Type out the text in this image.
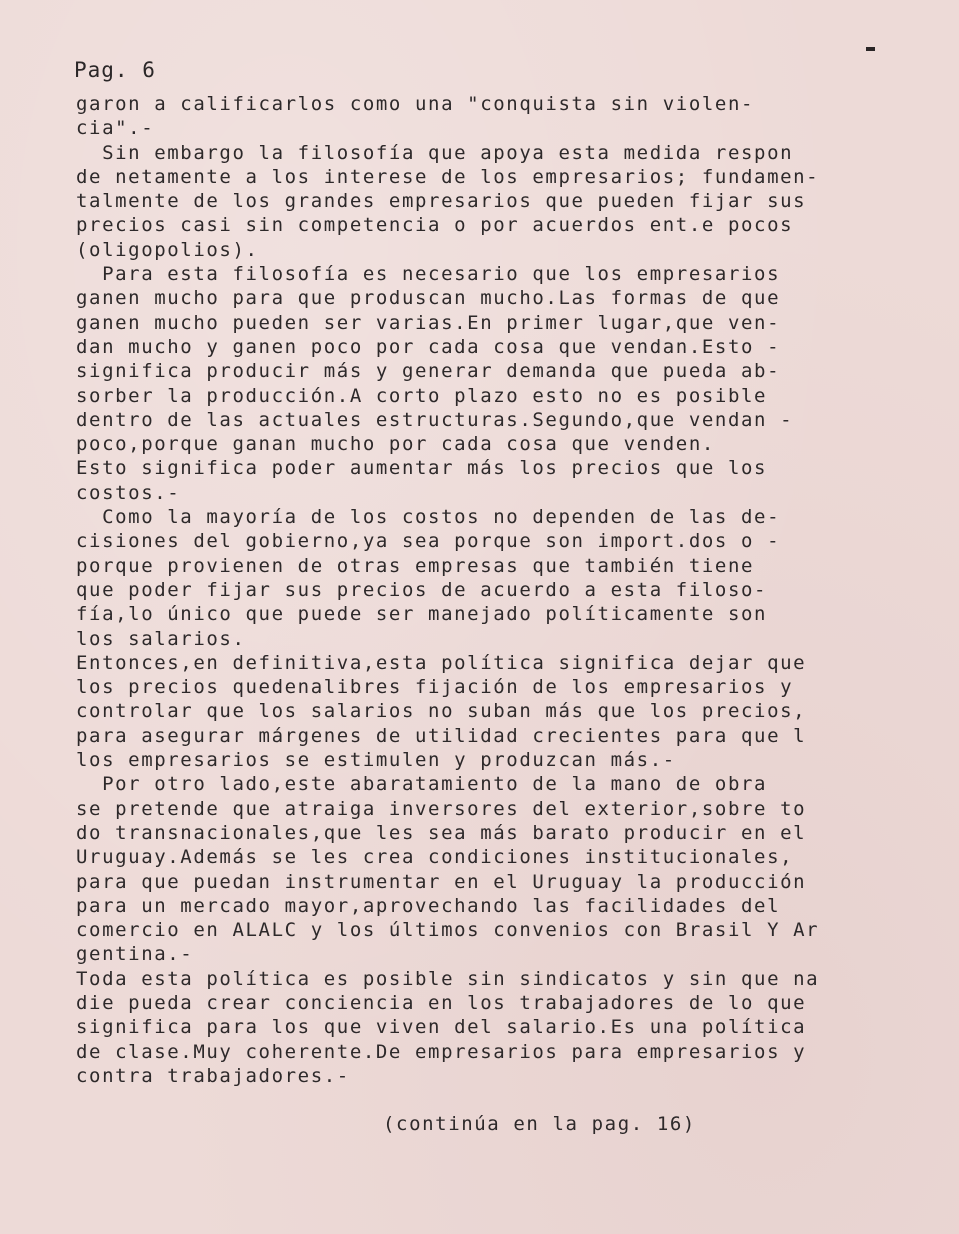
Pag. 6
garon a calificarlos como una "conquista sin violen-
cia".-
Sin embargo la filosofía que apoya esta medida respon
de netamente a los interese de los empresarios; fundamen-
talmente de los grandes empresarios que pueden fijar sus
precios casi sin competencia o por acuerdos ent.e pocos
(oligopolios).
Para esta filosofía es necesario que los empresarios
ganen mucho para que produscan mucho.Las formas de que
ganen mucho pueden ser varias.En primer lugar,que ven-
dan mucho y ganen poco por cada cosa que vendan.Esto -
significa producir más y generar demanda que pueda ab-
sorber la producción.A corto plazo esto no es posible
dentro de las actuales estructuras.Segundo,que vendan -
poco,porque ganan mucho por cada cosa que venden.
Esto significa poder aumentar más los precios que los
costos.-
Como la mayoría de los costos no dependen de las de-
cisiones del gobierno,ya sea porque son import.dos o -
porque provienen de otras empresas que también tiene
que poder fijar sus precios de acuerdo a esta filoso-
fía,lo único que puede ser manejado políticamente son
los salarios.
Entonces,en definitiva,esta política significa dejar que
los precios quedenalibres fijación de los empresarios y
controlar que los salarios no suban más que los precios,
para asegurar márgenes de utilidad crecientes para que l
los empresarios se estimulen y produzcan más.-
Por otro lado,este abaratamiento de la mano de obra
se pretende que atraiga inversores del exterior,sobre to
do transnacionales,que les sea más barato producir en el
Uruguay.Además se les crea condiciones institucionales,
para que puedan instrumentar en el Uruguay la producción
para un mercado mayor,aprovechando las facilidades del
comercio en ALALC y los últimos convenios con Brasil Y Ar
gentina.-
Toda esta política es posible sin sindicatos y sin que na
die pueda crear conciencia en los trabajadores de lo que
significa para los que viven del salario.Es una política
de clase.Muy coherente.De empresarios para empresarios y
contra trabajadores.-
(continúa en la pag. 16)
